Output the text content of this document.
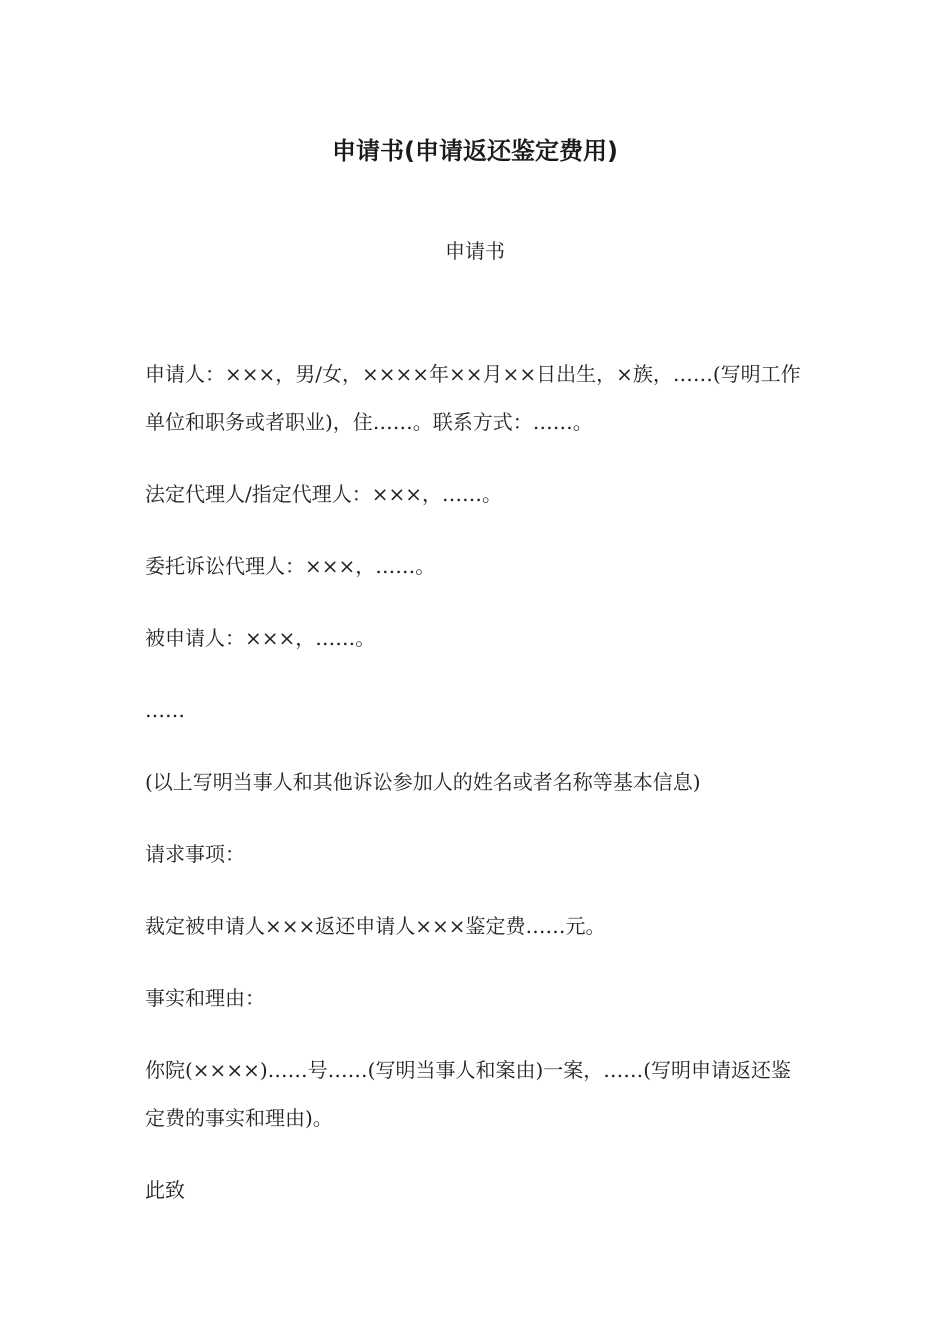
申请书(申请返还鉴定费用)
申请书

申请人：×××，男/女，××××年××月××日出生，×族，……(写明工作单位和职务或者职业)，住……。联系方式：……。

法定代理人/指定代理人：×××，……。

委托诉讼代理人：×××，……。

被申请人：×××，……。

……

(以上写明当事人和其他诉讼参加人的姓名或者名称等基本信息)

请求事项：

裁定被申请人×××返还申请人×××鉴定费……元。

事实和理由：

你院(××××)……号……(写明当事人和案由)一案，……(写明申请返还鉴定费的事实和理由)。

此致
